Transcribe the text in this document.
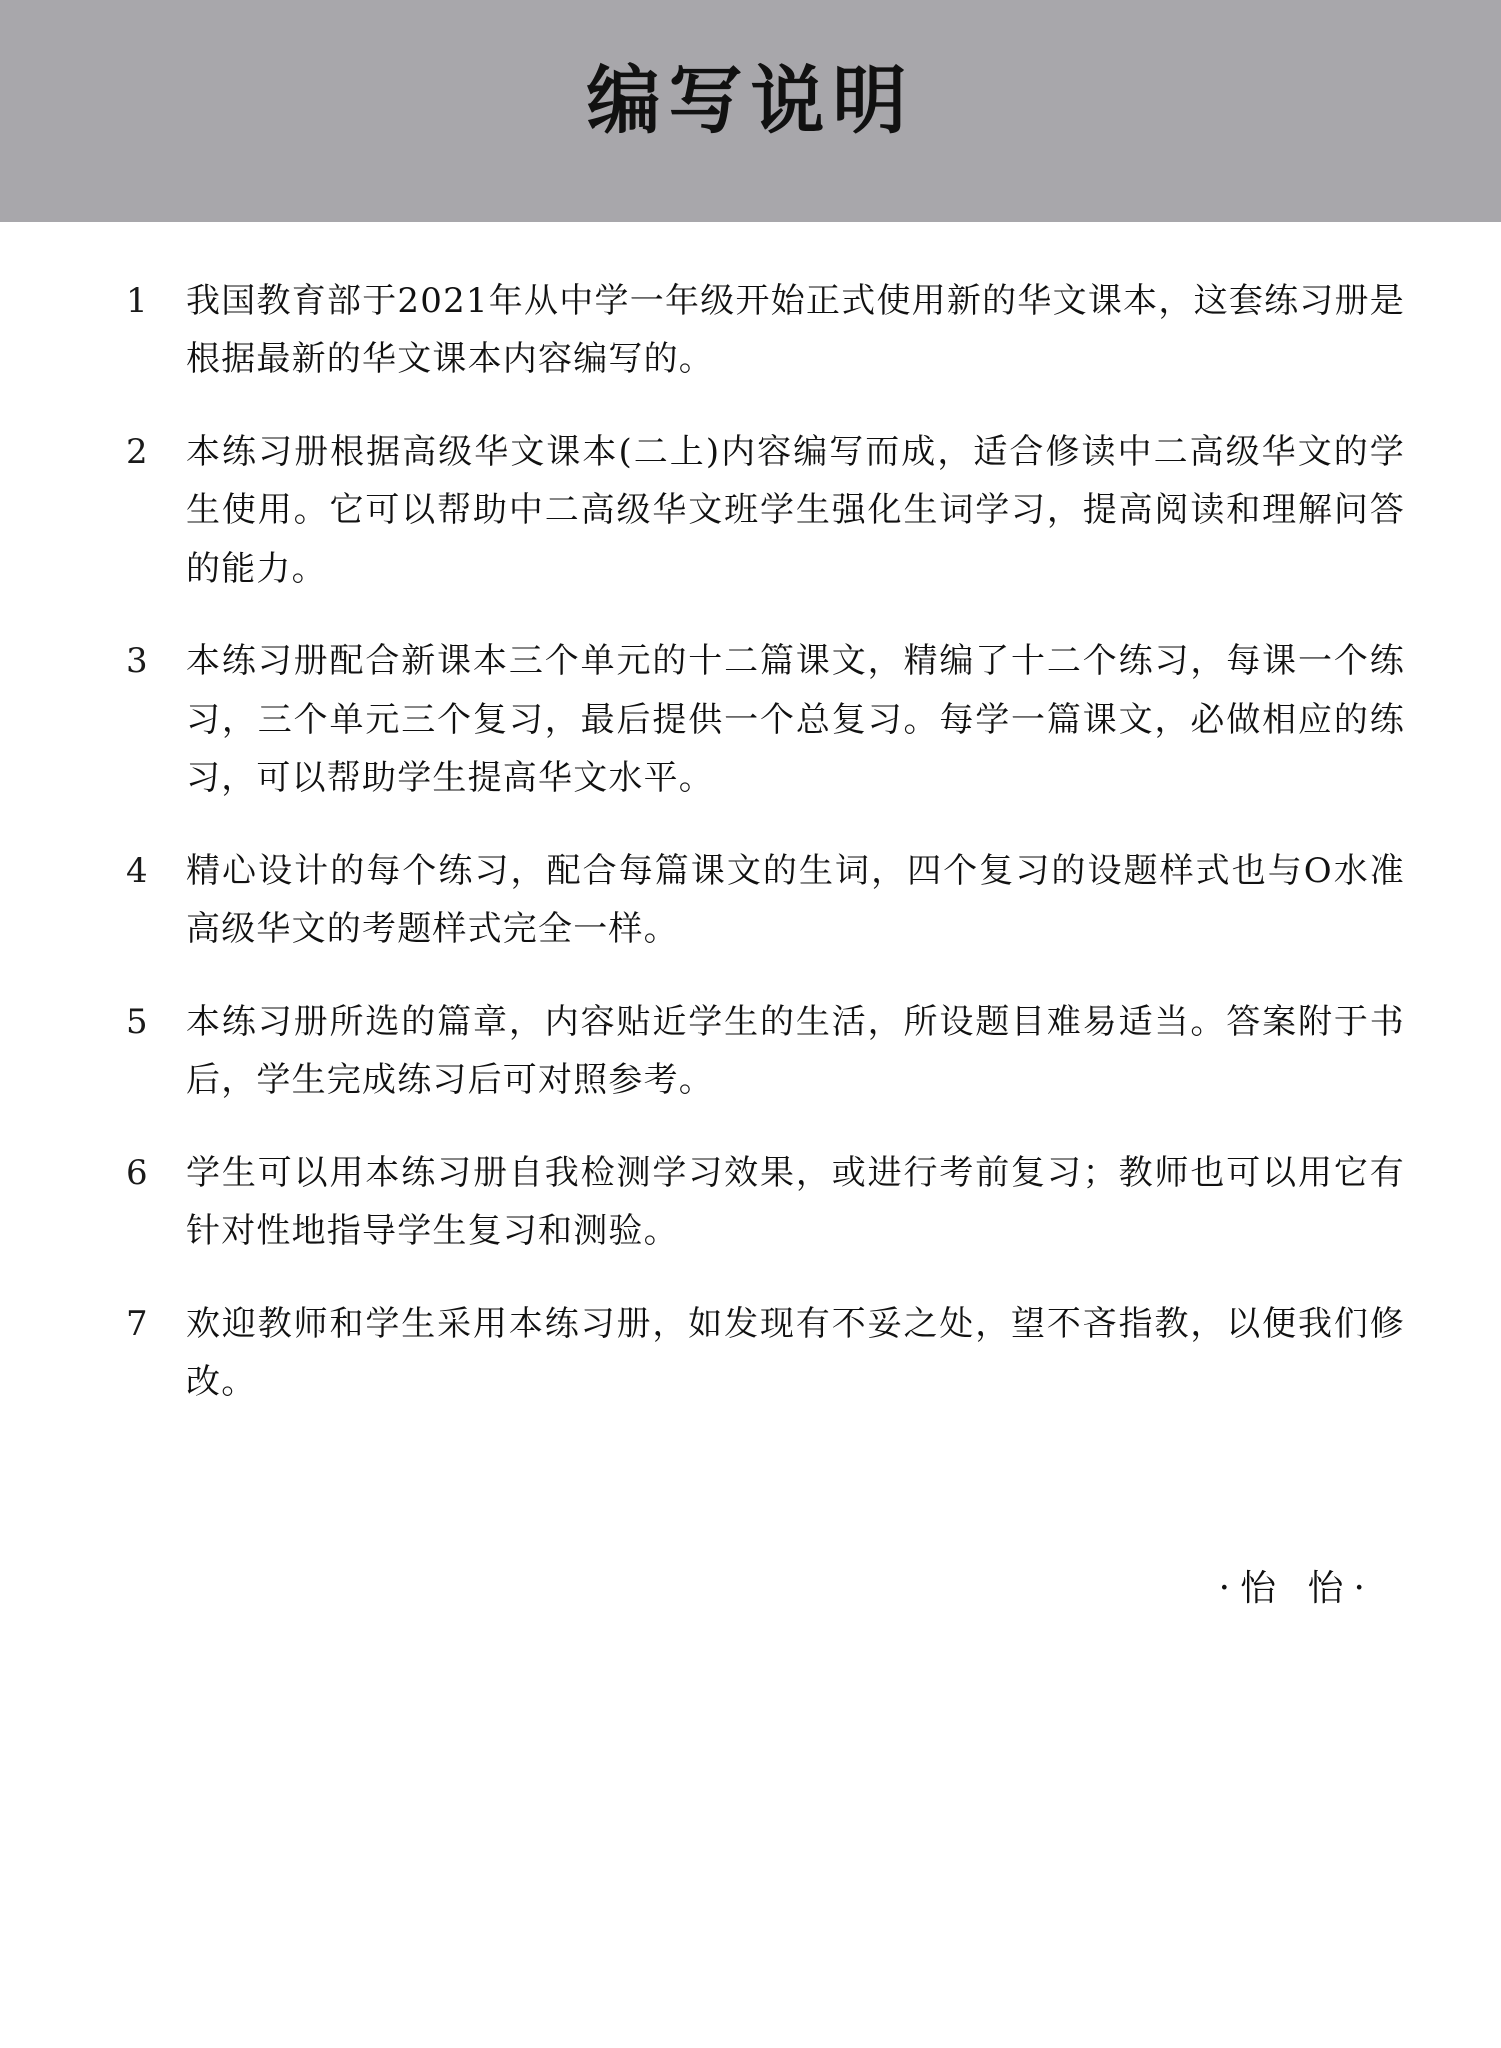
编写说明
1	我国教育部于2021年从中学一年级开始正式使用新的华文课本，这套练习册是根据最新的华文课本内容编写的。
2	本练习册根据高级华文课本(二上)内容编写而成，适合修读中二高级华文的学生使用。它可以帮助中二高级华文班学生强化生词学习，提高阅读和理解问答的能力。
3	本练习册配合新课本三个单元的十二篇课文，精编了十二个练习，每课一个练习，三个单元三个复习，最后提供一个总复习。每学一篇课文，必做相应的练习，可以帮助学生提高华文水平。
4	精心设计的每个练习，配合每篇课文的生词，四个复习的设题样式也与O水准高级华文的考题样式完全一样。
5	本练习册所选的篇章，内容贴近学生的生活，所设题目难易适当。答案附于书后，学生完成练习后可对照参考。
6	学生可以用本练习册自我检测学习效果，或进行考前复习；教师也可以用它有针对性地指导学生复习和测验。
7	欢迎教师和学生采用本练习册，如发现有不妥之处，望不吝指教，以便我们修改。
·怡 怡·
